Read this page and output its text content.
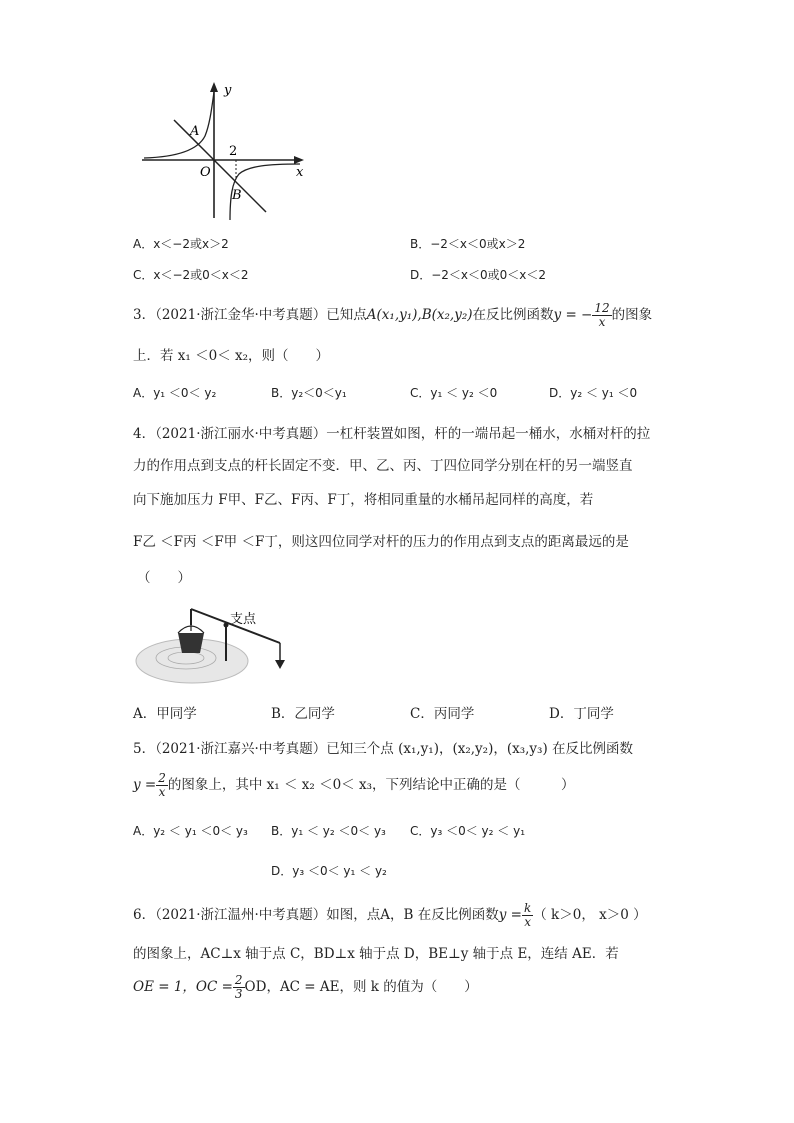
y
x
O
A
B
2
A．x＜−2或x＞2	B．−2＜x＜0或x＞2
C．x＜−2或0＜x＜2	D．−2＜x＜0或0＜x＜2
3．（2021·浙江金华·中考真题）已知点A(x₁,y₁),B(x₂,y₂)在反比例函数y = − $\frac{12}{x}$ 的图象
上．若 x₁ ＜0＜ x₂，则（　　）
A．y₁ ＜0＜ y₂	B．y₂＜0＜y₁	C．y₁ ＜ y₂ ＜0	D．y₂ ＜ y₁ ＜0
4．（2021·浙江丽水·中考真题）一杠杆装置如图，杆的一端吊起一桶水，水桶对杆的拉
力的作用点到支点的杆长固定不变．甲、乙、丙、丁四位同学分别在杆的另一端竖直
向下施加压力 F甲、F乙、F丙、F丁，将相同重量的水桶吊起同样的高度，若
F乙 ＜F丙 ＜F甲 ＜F丁，则这四位同学对杆的压力的作用点到支点的距离最远的是
（　　）
支点
A．甲同学	B．乙同学	C．丙同学	D．丁同学
5．（2021·浙江嘉兴·中考真题）已知三个点 (x₁,y₁)，(x₂,y₂)，(x₃,y₃) 在反比例函数
$y = \frac{2}{x}$ 的图象上，其中 x₁ ＜ x₂ ＜0＜ x₃，下列结论中正确的是（　　　）
A．y₂ ＜ y₁ ＜0＜ y₃ B．y₁ ＜ y₂ ＜0＜ y₃ C．y₃ ＜0＜ y₂ ＜ y₁
D．y₃ ＜0＜ y₁ ＜ y₂
6．（2021·浙江温州·中考真题）如图，点A，B 在反比例函数$y = \frac{k}{x}$ （ k＞0， x＞0 ）
的图象上，AC⊥x 轴于点 C，BD⊥x 轴于点 D，BE⊥y 轴于点 E，连结 AE．若
OE = 1，OC = $\frac{2}{3}$ OD，AC = AE，则 k 的值为（　　）
